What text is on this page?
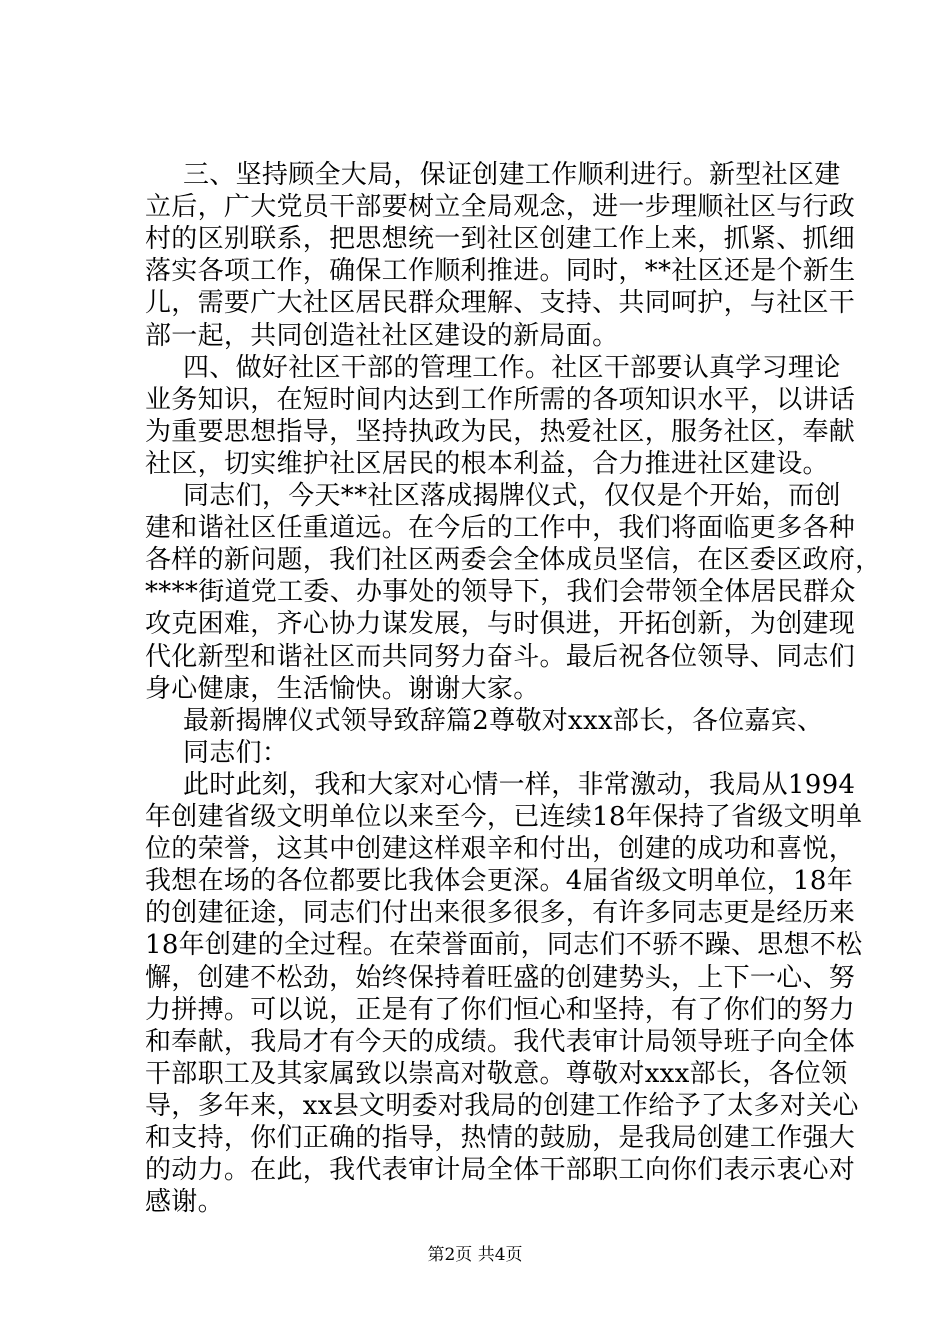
三、坚持顾全大局，保证创建工作顺利进行。新型社区建

立后，广大党员干部要树立全局观念，进一步理顺社区与行政

村的区别联系，把思想统一到社区创建工作上来，抓紧、抓细

落实各项工作，确保工作顺利推进。同时，**社区还是个新生

儿，需要广大社区居民群众理解、支持、共同呵护，与社区干

部一起，共同创造社社区建设的新局面。

四、做好社区干部的管理工作。社区干部要认真学习理论

业务知识，在短时间内达到工作所需的各项知识水平，以讲话

为重要思想指导，坚持执政为民，热爱社区，服务社区，奉献

社区，切实维护社区居民的根本利益，合力推进社区建设。

同志们，今天**社区落成揭牌仪式，仅仅是个开始，而创

建和谐社区任重道远。在今后的工作中，我们将面临更多各种

各样的新问题，我们社区两委会全体成员坚信，在区委区政府，

****街道党工委、办事处的领导下，我们会带领全体居民群众

攻克困难，齐心协力谋发展，与时俱进，开拓创新，为创建现

代化新型和谐社区而共同努力奋斗。最后祝各位领导、同志们

身心健康，生活愉快。谢谢大家。

最新揭牌仪式领导致辞篇2尊敬对xxx部长，各位嘉宾、

同志们：

此时此刻，我和大家对心情一样，非常激动，我局从1994

年创建省级文明单位以来至今，已连续18年保持了省级文明单

位的荣誉，这其中创建这样艰辛和付出，创建的成功和喜悦，

我想在场的各位都要比我体会更深。4届省级文明单位，18年

的创建征途，同志们付出来很多很多，有许多同志更是经历来

18年创建的全过程。在荣誉面前，同志们不骄不躁、思想不松

懈，创建不松劲，始终保持着旺盛的创建势头，上下一心、努

力拼搏。可以说，正是有了你们恒心和坚持，有了你们的努力

和奉献，我局才有今天的成绩。我代表审计局领导班子向全体

干部职工及其家属致以崇高对敬意。尊敬对xxx部长，各位领

导，多年来，xx县文明委对我局的创建工作给予了太多对关心

和支持，你们正确的指导，热情的鼓励，是我局创建工作强大

的动力。在此，我代表审计局全体干部职工向你们表示衷心对

感谢。

第2页 共4页
